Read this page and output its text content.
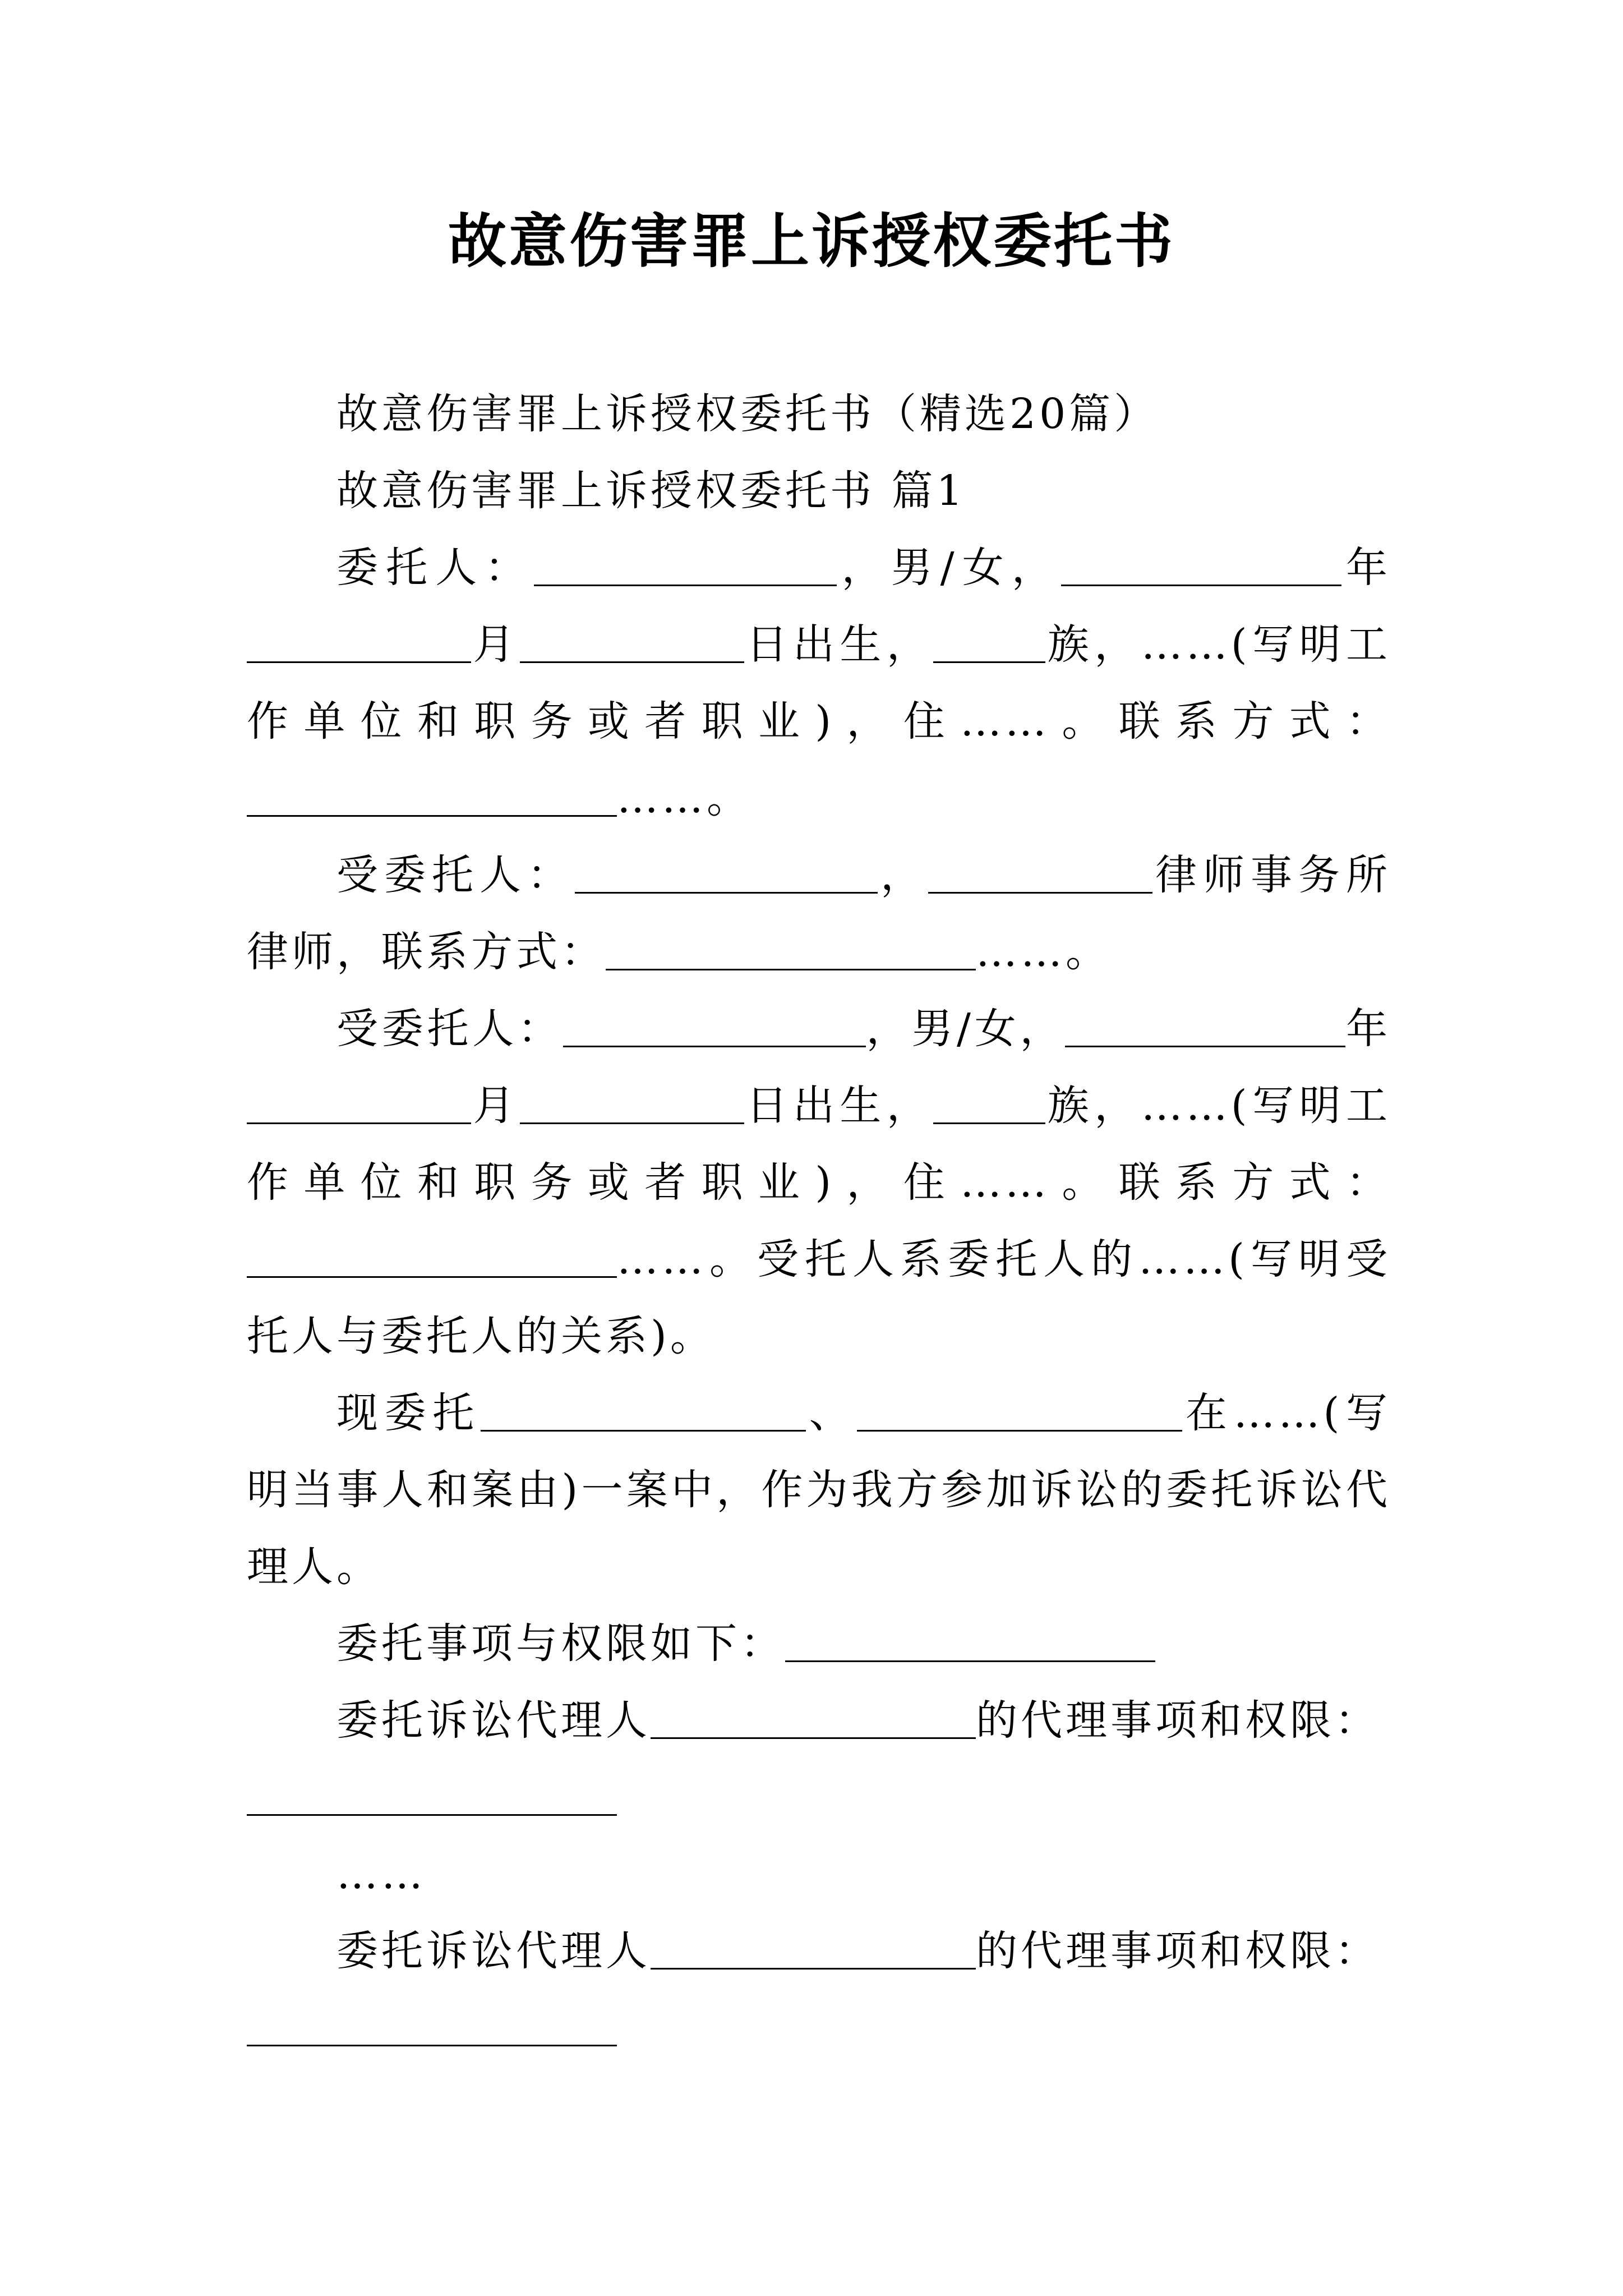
故意伤害罪上诉授权委托书

故意伤害罪上诉授权委托书（精选20篇）

故意伤害罪上诉授权委托书 篇1

委托人：	，男/女，	年月	日出生，	族，……(写明工作单位和职务或者职业)，住……。联系方式：……。

受委托人：	，	律师事务所律师，联系方式：	……。

受委托人：	，男/女，	年月	日出生，	族，……(写明工作单位和职务或者职业)，住……。联系方式：……。受托人系委托人的……(写明受托人与委托人的关系)。

现委托	、	在……(写明当事人和案由)一案中，作为我方参加诉讼的委托诉讼代理人。

委托事项与权限如下：

委托诉讼代理人	的代理事项和权限：

……

委托诉讼代理人	的代理事项和权限：
